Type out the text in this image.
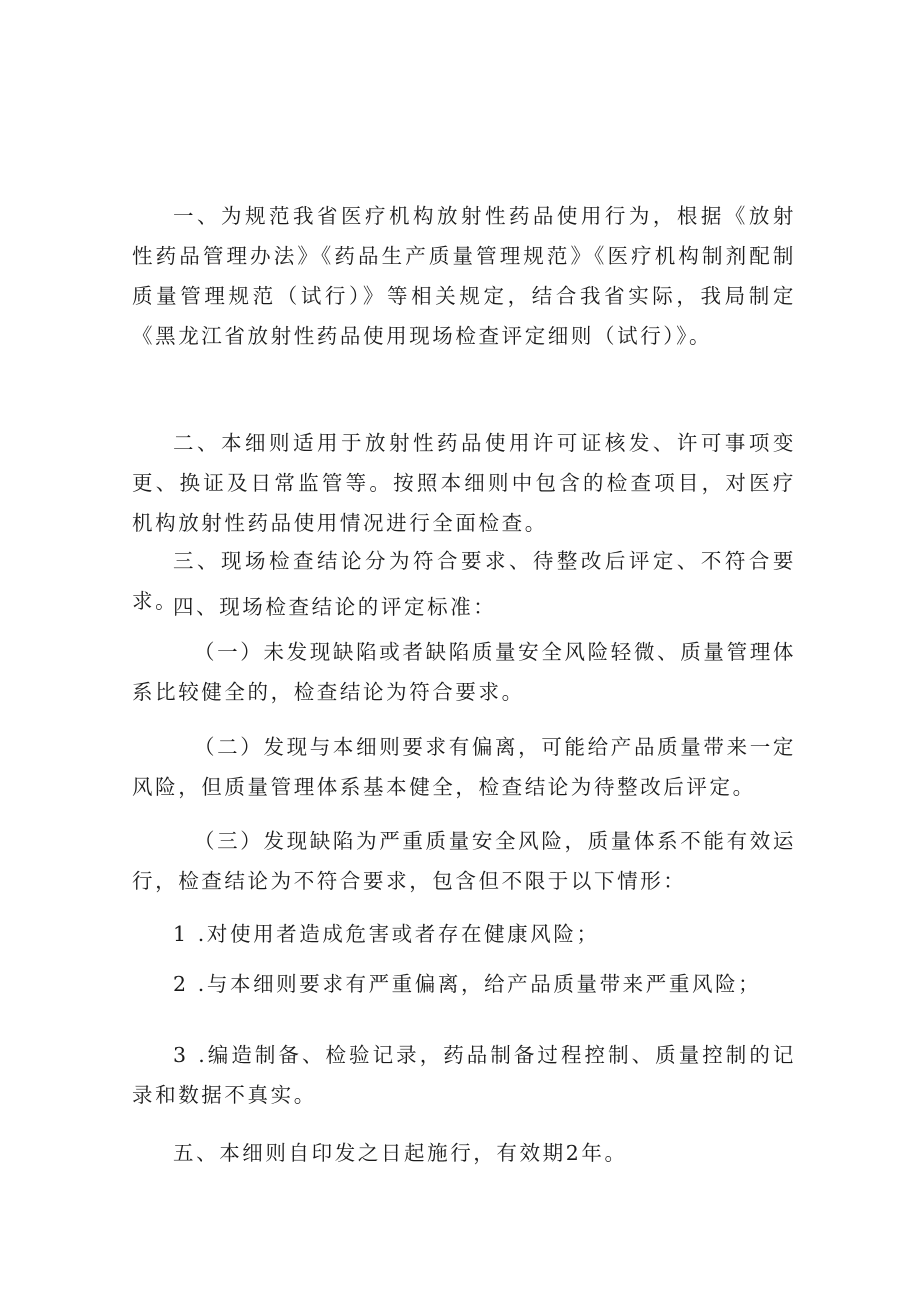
一、为规范我省医疗机构放射性药品使用行为，根据《放射性药品管理办法》《药品生产质量管理规范》《医疗机构制剂配制质量管理规范（试行）》等相关规定，结合我省实际，我局制定《黑龙江省放射性药品使用现场检查评定细则（试行）》。

二、本细则适用于放射性药品使用许可证核发、许可事项变更、换证及日常监管等。按照本细则中包含的检查项目，对医疗机构放射性药品使用情况进行全面检查。

三、现场检查结论分为符合要求、待整改后评定、不符合要求。

四、现场检查结论的评定标准：

（一）未发现缺陷或者缺陷质量安全风险轻微、质量管理体系比较健全的，检查结论为符合要求。

（二）发现与本细则要求有偏离，可能给产品质量带来一定风险，但质量管理体系基本健全，检查结论为待整改后评定。

（三）发现缺陷为严重质量安全风险，质量体系不能有效运行，检查结论为不符合要求，包含但不限于以下情形：

1 .对使用者造成危害或者存在健康风险；

2 .与本细则要求有严重偏离，给产品质量带来严重风险；

3 .编造制备、检验记录，药品制备过程控制、质量控制的记录和数据不真实。

五、本细则自印发之日起施行，有效期2年。
